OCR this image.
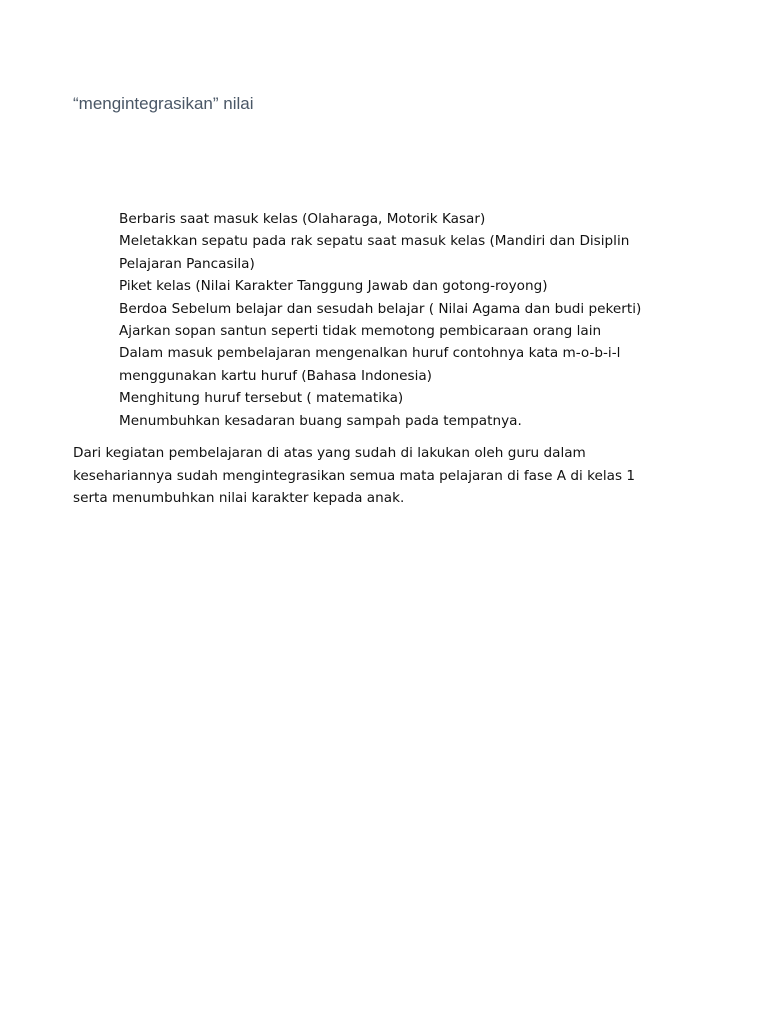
“mengintegrasikan” nilai
Berbaris saat masuk kelas (Olaharaga, Motorik Kasar)
Meletakkan sepatu pada rak sepatu saat masuk kelas (Mandiri dan Disiplin
Pelajaran Pancasila)
Piket kelas (Nilai Karakter Tanggung Jawab dan gotong-royong)
Berdoa Sebelum belajar dan sesudah belajar ( Nilai Agama dan budi pekerti)
Ajarkan sopan santun seperti tidak memotong pembicaraan orang lain
Dalam masuk pembelajaran mengenalkan huruf contohnya kata m-o-b-i-l
menggunakan kartu huruf (Bahasa Indonesia)
Menghitung huruf tersebut ( matematika)
Menumbuhkan kesadaran buang sampah pada tempatnya.

Dari kegiatan pembelajaran di atas yang sudah di lakukan oleh guru dalam
kesehariannya sudah mengintegrasikan semua mata pelajaran di fase A di kelas 1
serta menumbuhkan nilai karakter kepada anak.
